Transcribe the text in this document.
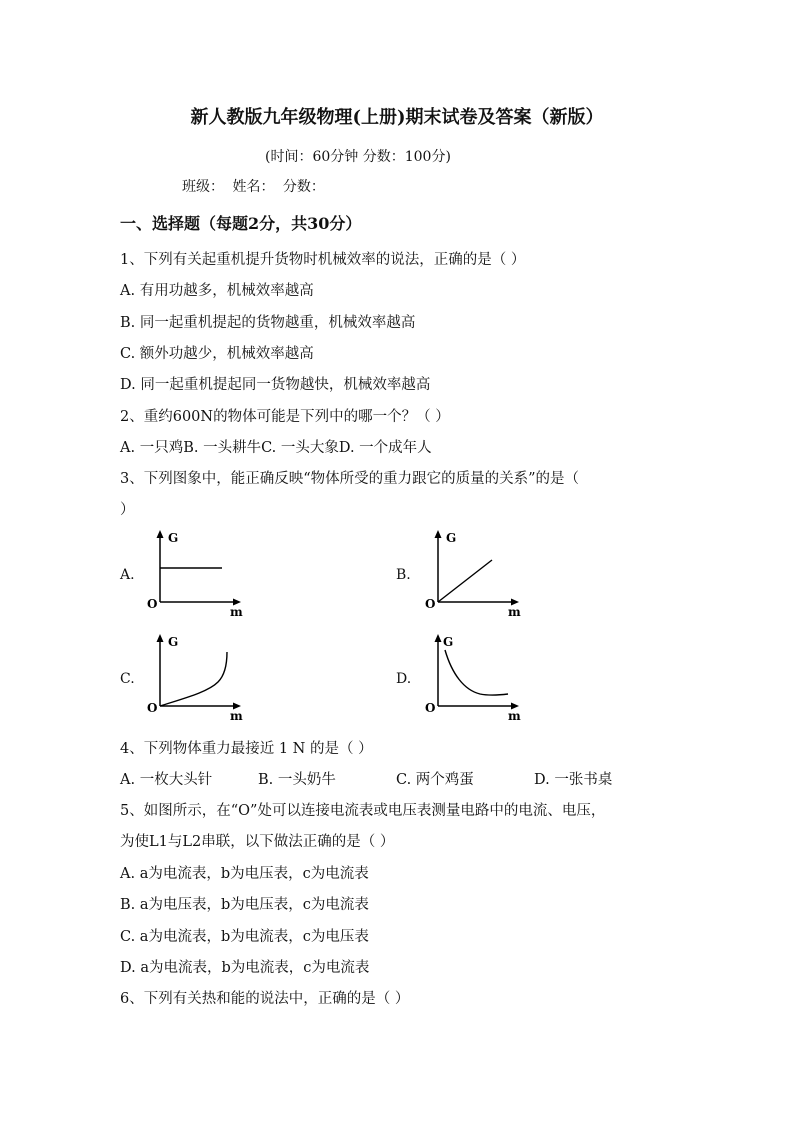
新人教版九年级物理(上册)期末试卷及答案（新版）
(时间：60分钟 分数：100分)
班级： 姓名： 分数：
一、选择题（每题2分，共30分）
1、下列有关起重机提升货物时机械效率的说法，正确的是（ ）
A. 有用功越多，机械效率越高
B. 同一起重机提起的货物越重，机械效率越高
C. 额外功越少，机械效率越高
D. 同一起重机提起同一货物越快，机械效率越高
2、重约600N的物体可能是下列中的哪一个？（ ）
A. 一只鸡B. 一头耕牛C. 一头大象D. 一个成年人
3、下列图象中，能正确反映“物体所受的重力跟它的质量的关系”的是（
）
A.
G
m
O
B.
G
m
O
C.
G
m
O
D.
G
m
O
4、下列物体重力最接近 1 N 的是（ ）
A. 一枚大头针	B. 一头奶牛	C. 两个鸡蛋	D. 一张书桌
5、如图所示，在“O”处可以连接电流表或电压表测量电路中的电流、电压，
为使L1与L2串联，以下做法正确的是（ ）
A. a为电流表，b为电压表，c为电流表
B. a为电压表，b为电压表，c为电流表
C. a为电流表，b为电流表，c为电压表
D. a为电流表，b为电流表，c为电流表
6、下列有关热和能的说法中，正确的是（ ）
